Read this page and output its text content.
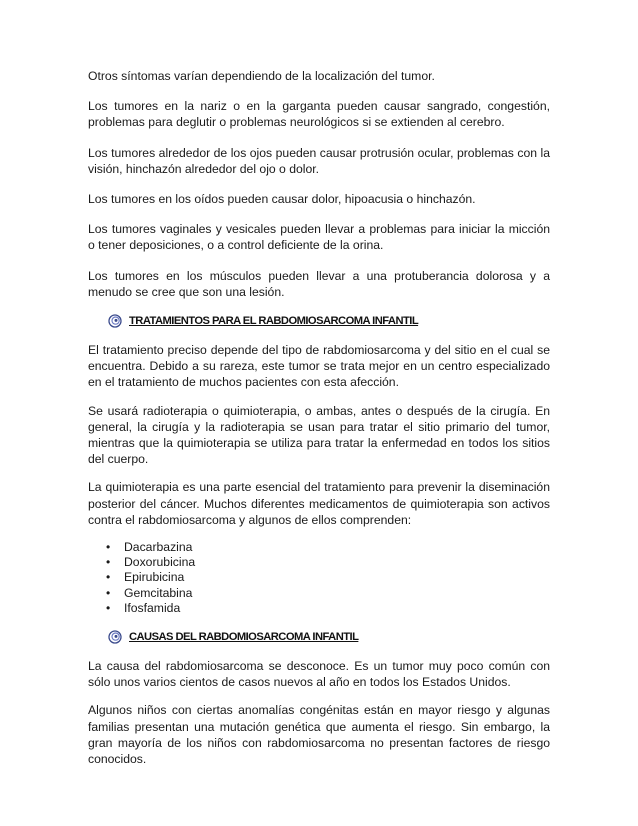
Otros síntomas varían dependiendo de la localización del tumor.

Los tumores en la nariz o en la garganta pueden causar sangrado, congestión, problemas para deglutir o problemas neurológicos si se extienden al cerebro.

Los tumores alrededor de los ojos pueden causar protrusión ocular, problemas con la visión, hinchazón alrededor del ojo o dolor.

Los tumores en los oídos pueden causar dolor, hipoacusia o hinchazón.

Los tumores vaginales y vesicales pueden llevar a problemas para iniciar la micción o tener deposiciones, o a control deficiente de la orina.

Los tumores en los músculos pueden llevar a una protuberancia dolorosa y a menudo se cree que son una lesión.

TRATAMIENTOS PARA EL RABDOMIOSARCOMA INFANTIL

El tratamiento preciso depende del tipo de rabdomiosarcoma y del sitio en el cual se encuentra. Debido a su rareza, este tumor se trata mejor en un centro especializado en el tratamiento de muchos pacientes con esta afección.

Se usará radioterapia o quimioterapia, o ambas, antes o después de la cirugía. En general, la cirugía y la radioterapia se usan para tratar el sitio primario del tumor, mientras que la quimioterapia se utiliza para tratar la enfermedad en todos los sitios del cuerpo.

La quimioterapia es una parte esencial del tratamiento para prevenir la diseminación posterior del cáncer. Muchos diferentes medicamentos de quimioterapia son activos contra el rabdomiosarcoma y algunos de ellos comprenden:

• Dacarbazina
• Doxorubicina
• Epirubicina
• Gemcitabina
• Ifosfamida
CAUSAS DEL RABDOMIOSARCOMA INFANTIL

La causa del rabdomiosarcoma se desconoce. Es un tumor muy poco común con sólo unos varios cientos de casos nuevos al año en todos los Estados Unidos.

Algunos niños con ciertas anomalías congénitas están en mayor riesgo y algunas familias presentan una mutación genética que aumenta el riesgo. Sin embargo, la gran mayoría de los niños con rabdomiosarcoma no presentan factores de riesgo conocidos.
